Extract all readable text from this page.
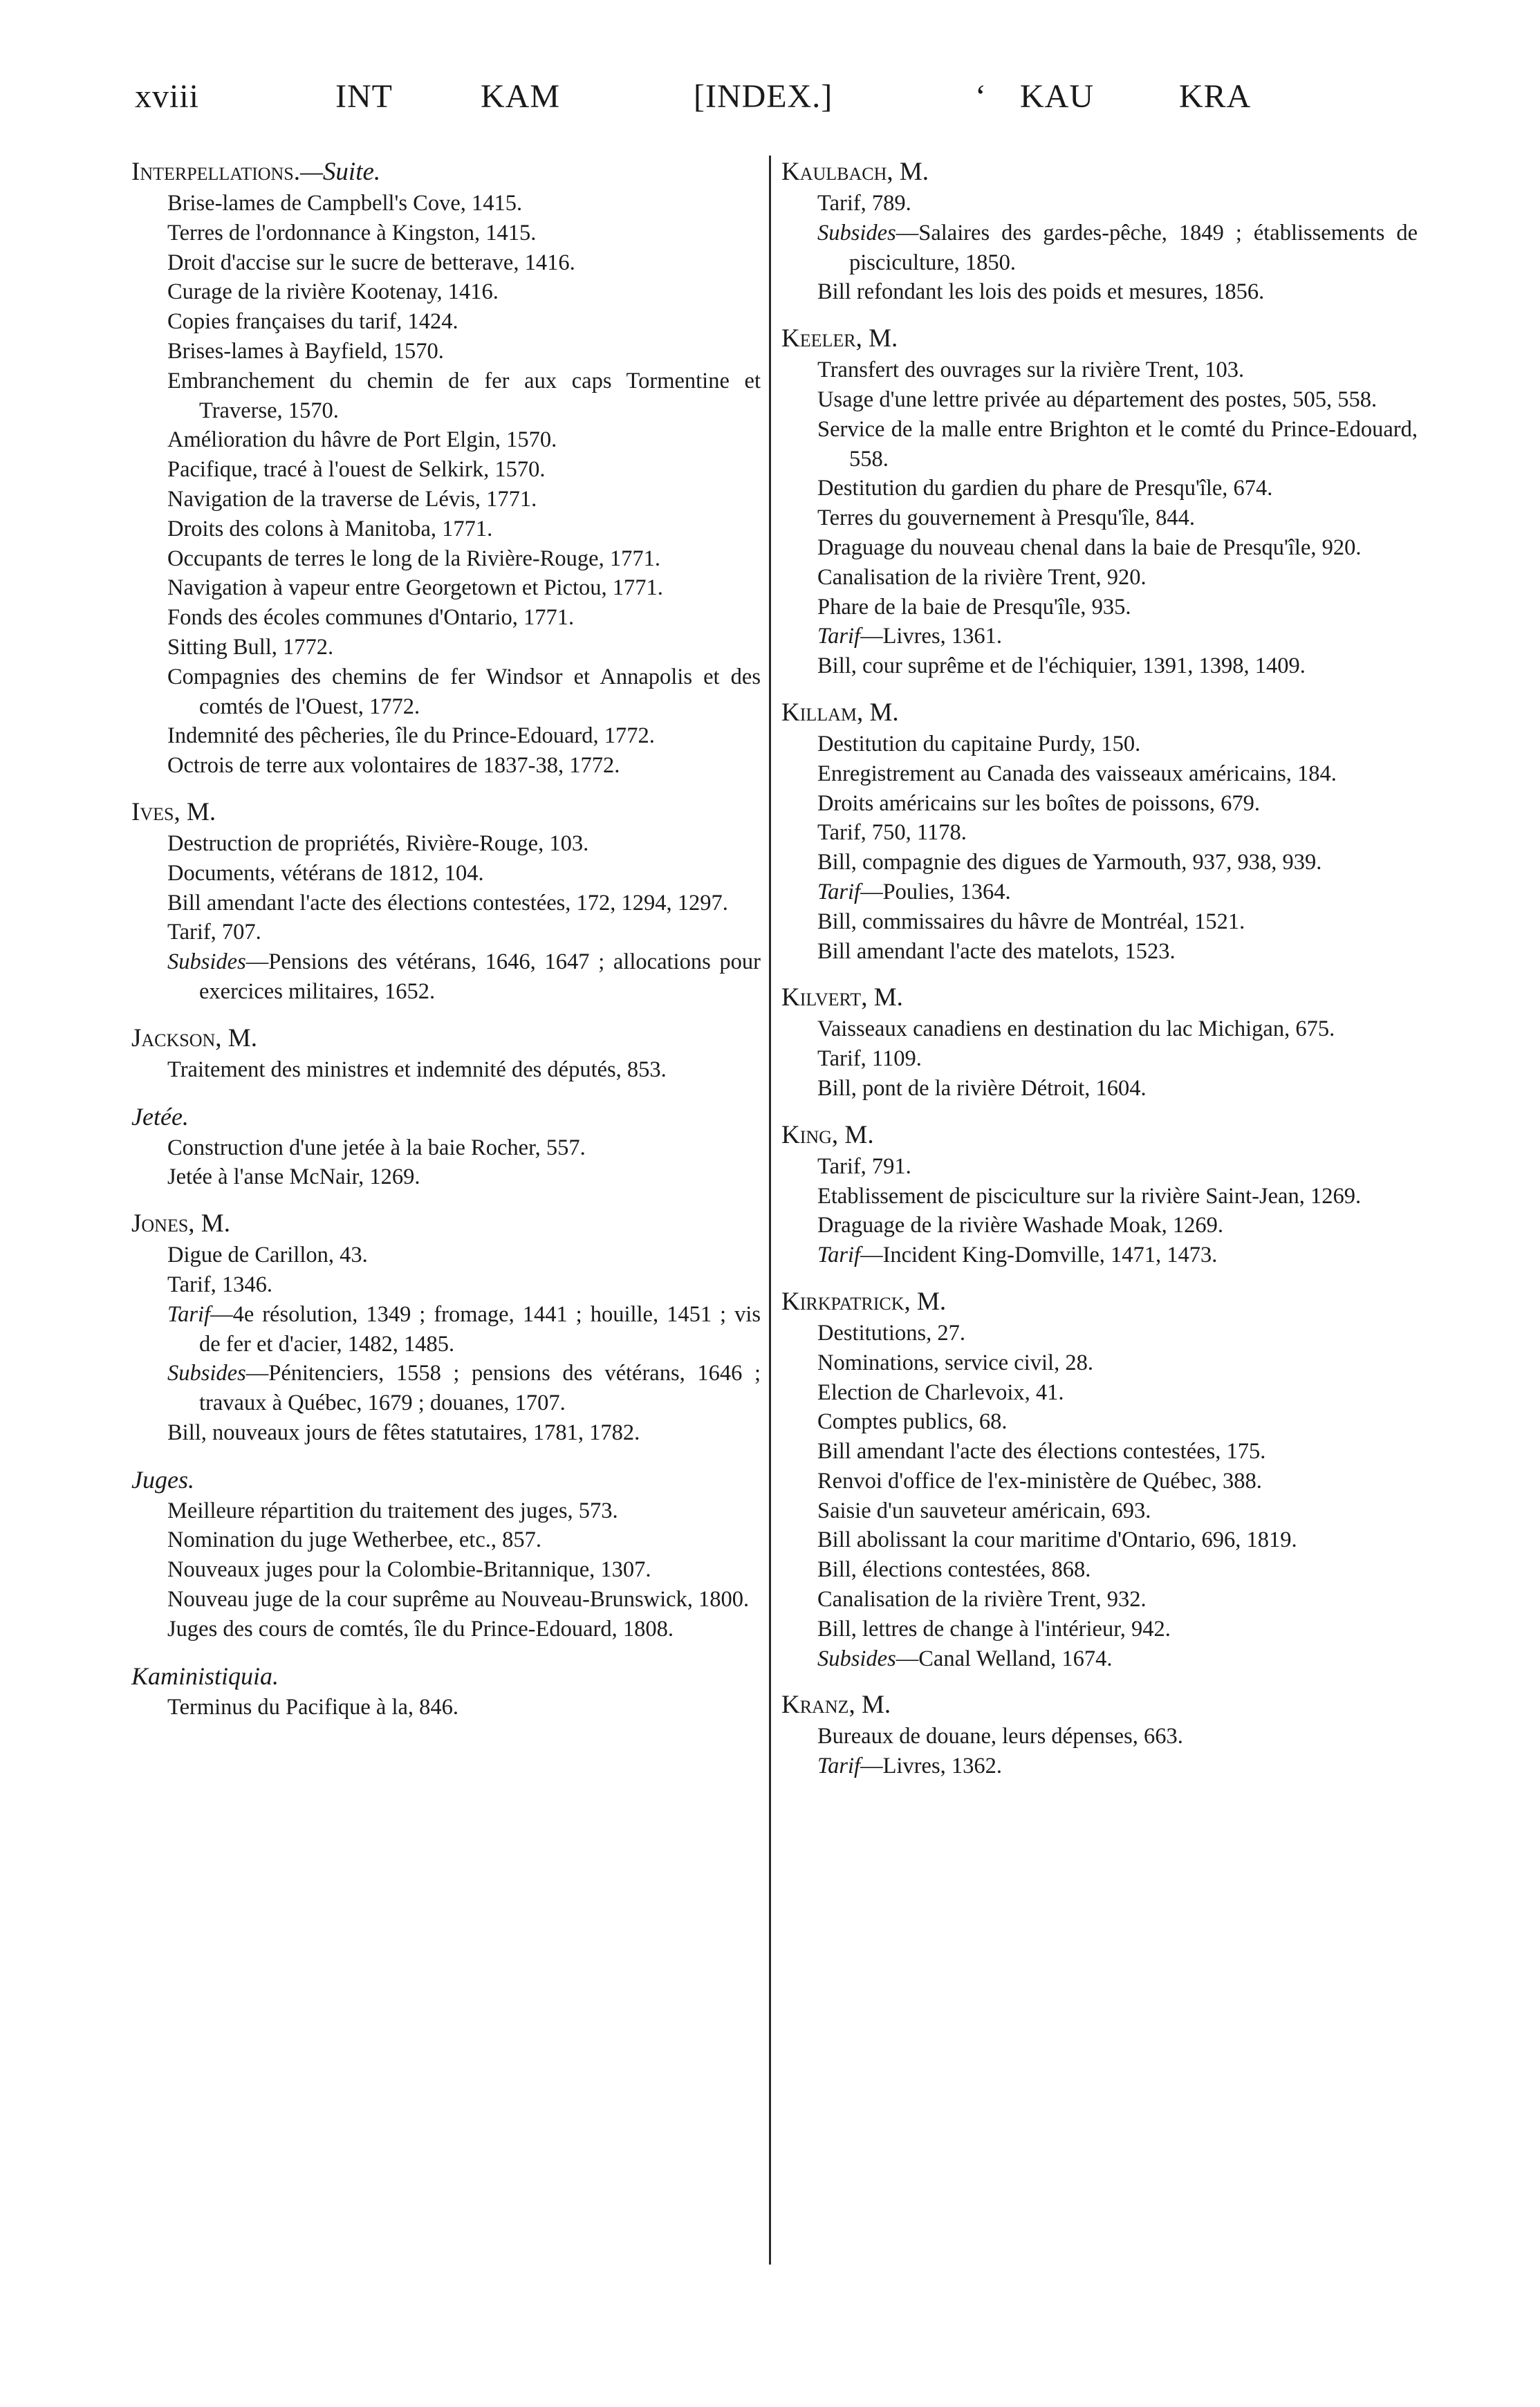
xviii	INT	KAM	[INDEX.]	‘ KAU	KRA
Interpellations.—Suite.
Brise-lames de Campbell's Cove, 1415.
Terres de l'ordonnance à Kingston, 1415.
Droit d'accise sur le sucre de betterave, 1416.
Curage de la rivière Kootenay, 1416.
Copies françaises du tarif, 1424.
Brises-lames à Bayfield, 1570.
Embranchement du chemin de fer aux caps Tormentine et Traverse, 1570.
Amélioration du hâvre de Port Elgin, 1570.
Pacifique, tracé à l'ouest de Selkirk, 1570.
Navigation de la traverse de Lévis, 1771.
Droits des colons à Manitoba, 1771.
Occupants de terres le long de la Rivière-Rouge, 1771.
Navigation à vapeur entre Georgetown et Pictou, 1771.
Fonds des écoles communes d'Ontario, 1771.
Sitting Bull, 1772.
Compagnies des chemins de fer Windsor et Annapolis et des comtés de l'Ouest, 1772.
Indemnité des pêcheries, île du Prince-Edouard, 1772.
Octrois de terre aux volontaires de 1837-38, 1772.
Ives, M.
Destruction de propriétés, Rivière-Rouge, 103.
Documents, vétérans de 1812, 104.
Bill amendant l'acte des élections contestées, 172, 1294, 1297.
Tarif, 707.
Subsides—Pensions des vétérans, 1646, 1647 ; allocations pour exercices militaires, 1652.
Jackson, M.
Traitement des ministres et indemnité des députés, 853.
Jetée.
Construction d'une jetée à la baie Rocher, 557.
Jetée à l'anse McNair, 1269.
Jones, M.
Digue de Carillon, 43.
Tarif, 1346.
Tarif—4e résolution, 1349 ; fromage, 1441 ; houille, 1451 ; vis de fer et d'acier, 1482, 1485.
Subsides—Pénitenciers, 1558 ; pensions des vétérans, 1646 ; travaux à Québec, 1679 ; douanes, 1707.
Bill, nouveaux jours de fêtes statutaires, 1781, 1782.
Juges.
Meilleure répartition du traitement des juges, 573.
Nomination du juge Wetherbee, etc., 857.
Nouveaux juges pour la Colombie-Britannique, 1307.
Nouveau juge de la cour suprême au Nouveau-Brunswick, 1800.
Juges des cours de comtés, île du Prince-Edouard, 1808.
Kaministiquia.
Terminus du Pacifique à la, 846.
Kaulbach, M.
Tarif, 789.
Subsides—Salaires des gardes-pêche, 1849 ; établissements de pisciculture, 1850.
Bill refondant les lois des poids et mesures, 1856.
Keeler, M.
Transfert des ouvrages sur la rivière Trent, 103.
Usage d'une lettre privée au département des postes, 505, 558.
Service de la malle entre Brighton et le comté du Prince-Edouard, 558.
Destitution du gardien du phare de Presqu'île, 674.
Terres du gouvernement à Presqu'île, 844.
Draguage du nouveau chenal dans la baie de Presqu'île, 920.
Canalisation de la rivière Trent, 920.
Phare de la baie de Presqu'île, 935.
Tarif—Livres, 1361.
Bill, cour suprême et de l'échiquier, 1391, 1398, 1409.
Killam, M.
Destitution du capitaine Purdy, 150.
Enregistrement au Canada des vaisseaux américains, 184.
Droits américains sur les boîtes de poissons, 679.
Tarif, 750, 1178.
Bill, compagnie des digues de Yarmouth, 937, 938, 939.
Tarif—Poulies, 1364.
Bill, commissaires du hâvre de Montréal, 1521.
Bill amendant l'acte des matelots, 1523.
Kilvert, M.
Vaisseaux canadiens en destination du lac Michigan, 675.
Tarif, 1109.
Bill, pont de la rivière Détroit, 1604.
King, M.
Tarif, 791.
Etablissement de pisciculture sur la rivière Saint-Jean, 1269.
Draguage de la rivière Washade Moak, 1269.
Tarif—Incident King-Domville, 1471, 1473.
Kirkpatrick, M.
Destitutions, 27.
Nominations, service civil, 28.
Election de Charlevoix, 41.
Comptes publics, 68.
Bill amendant l'acte des élections contestées, 175.
Renvoi d'office de l'ex-ministère de Québec, 388.
Saisie d'un sauveteur américain, 693.
Bill abolissant la cour maritime d'Ontario, 696, 1819.
Bill, élections contestées, 868.
Canalisation de la rivière Trent, 932.
Bill, lettres de change à l'intérieur, 942.
Subsides—Canal Welland, 1674.
Kranz, M.
Bureaux de douane, leurs dépenses, 663.
Tarif—Livres, 1362.
